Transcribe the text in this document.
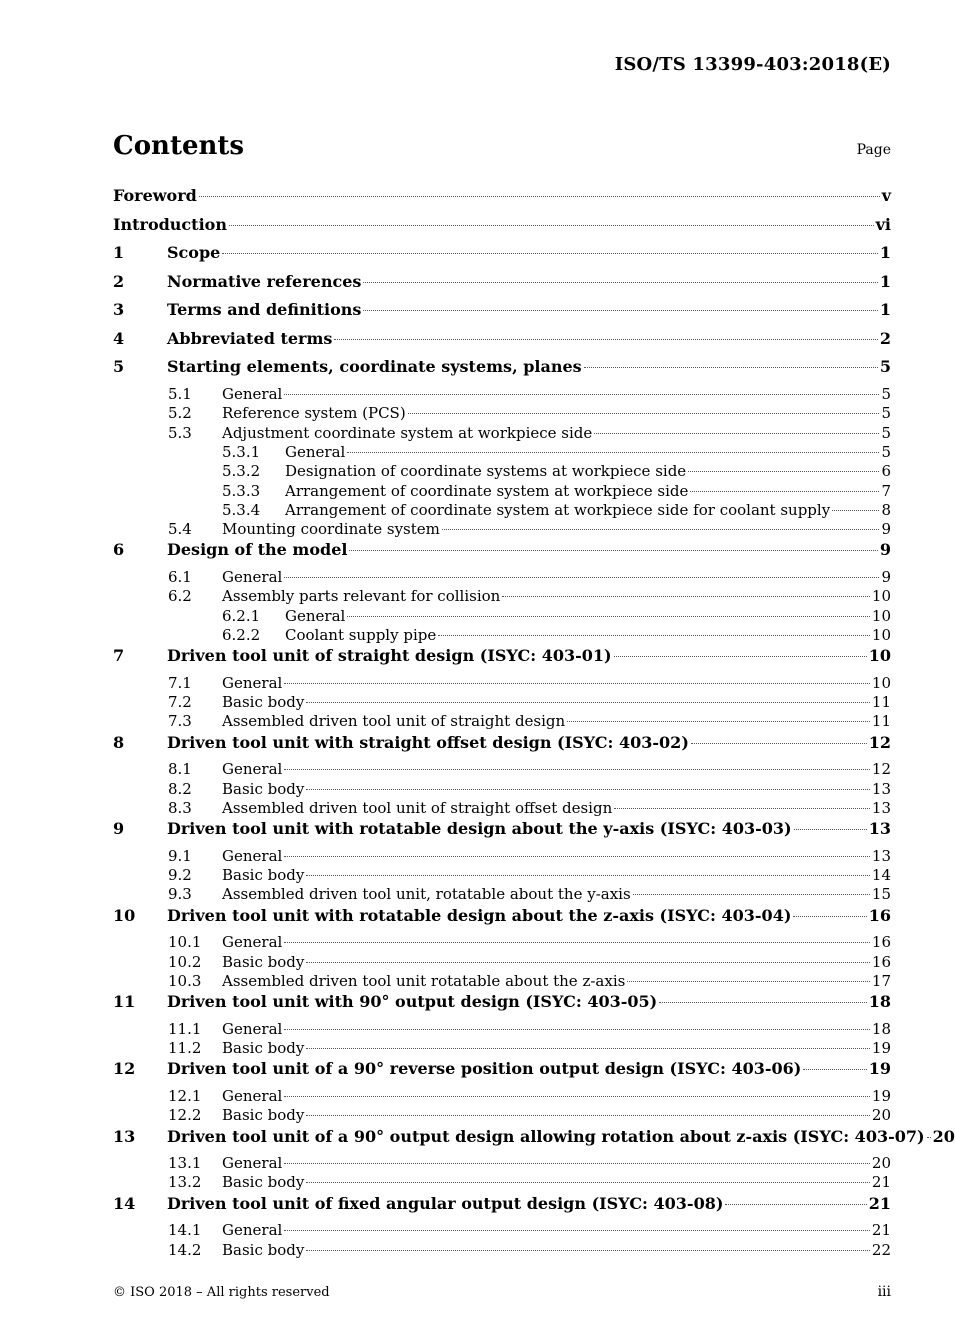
ISO/TS 13399-403:2018(E)
Contents	Page
Foreword	v
Introduction	vi
1	Scope	1
2	Normative references	1
3	Terms and definitions	1
4	Abbreviated terms	2
5	Starting elements, coordinate systems, planes	5
5.1 General	5
5.2 Reference system (PCS)	5
5.3 Adjustment coordinate system at workpiece side	5
5.3.1 General	5
5.3.2 Designation of coordinate systems at workpiece side	6
5.3.3 Arrangement of coordinate system at workpiece side	7
5.3.4 Arrangement of coordinate system at workpiece side for coolant supply	8
5.4 Mounting coordinate system	9
6	Design of the model	9
6.1 General	9
6.2 Assembly parts relevant for collision	10
6.2.1 General	10
6.2.2 Coolant supply pipe	10
7	Driven tool unit of straight design (ISYC: 403-01)	10
7.1 General	10
7.2 Basic body	11
7.3 Assembled driven tool unit of straight design	11
8	Driven tool unit with straight offset design (ISYC: 403-02)	12
8.1 General	12
8.2 Basic body	13
8.3 Assembled driven tool unit of straight offset design	13
9	Driven tool unit with rotatable design about the y-axis (ISYC: 403-03)	13
9.1 General	13
9.2 Basic body	14
9.3 Assembled driven tool unit, rotatable about the y-axis	15
10 Driven tool unit with rotatable design about the z-axis (ISYC: 403-04)	16
10.1 General	16
10.2 Basic body	16
10.3 Assembled driven tool unit rotatable about the z-axis	17
11 Driven tool unit with 90° output design (ISYC: 403-05)	18
11.1 General	18
11.2 Basic body	19
12 Driven tool unit of a 90° reverse position output design (ISYC: 403-06)	19
12.1 General	19
12.2 Basic body	20
13 Driven tool unit of a 90° output design allowing rotation about z-axis (ISYC: 403-07) 20
13.1 General	20
13.2 Basic body	21
14 Driven tool unit of fixed angular output design (ISYC: 403-08)	21
14.1 General	21
14.2 Basic body	22
© ISO 2018 – All rights reserved	iii
